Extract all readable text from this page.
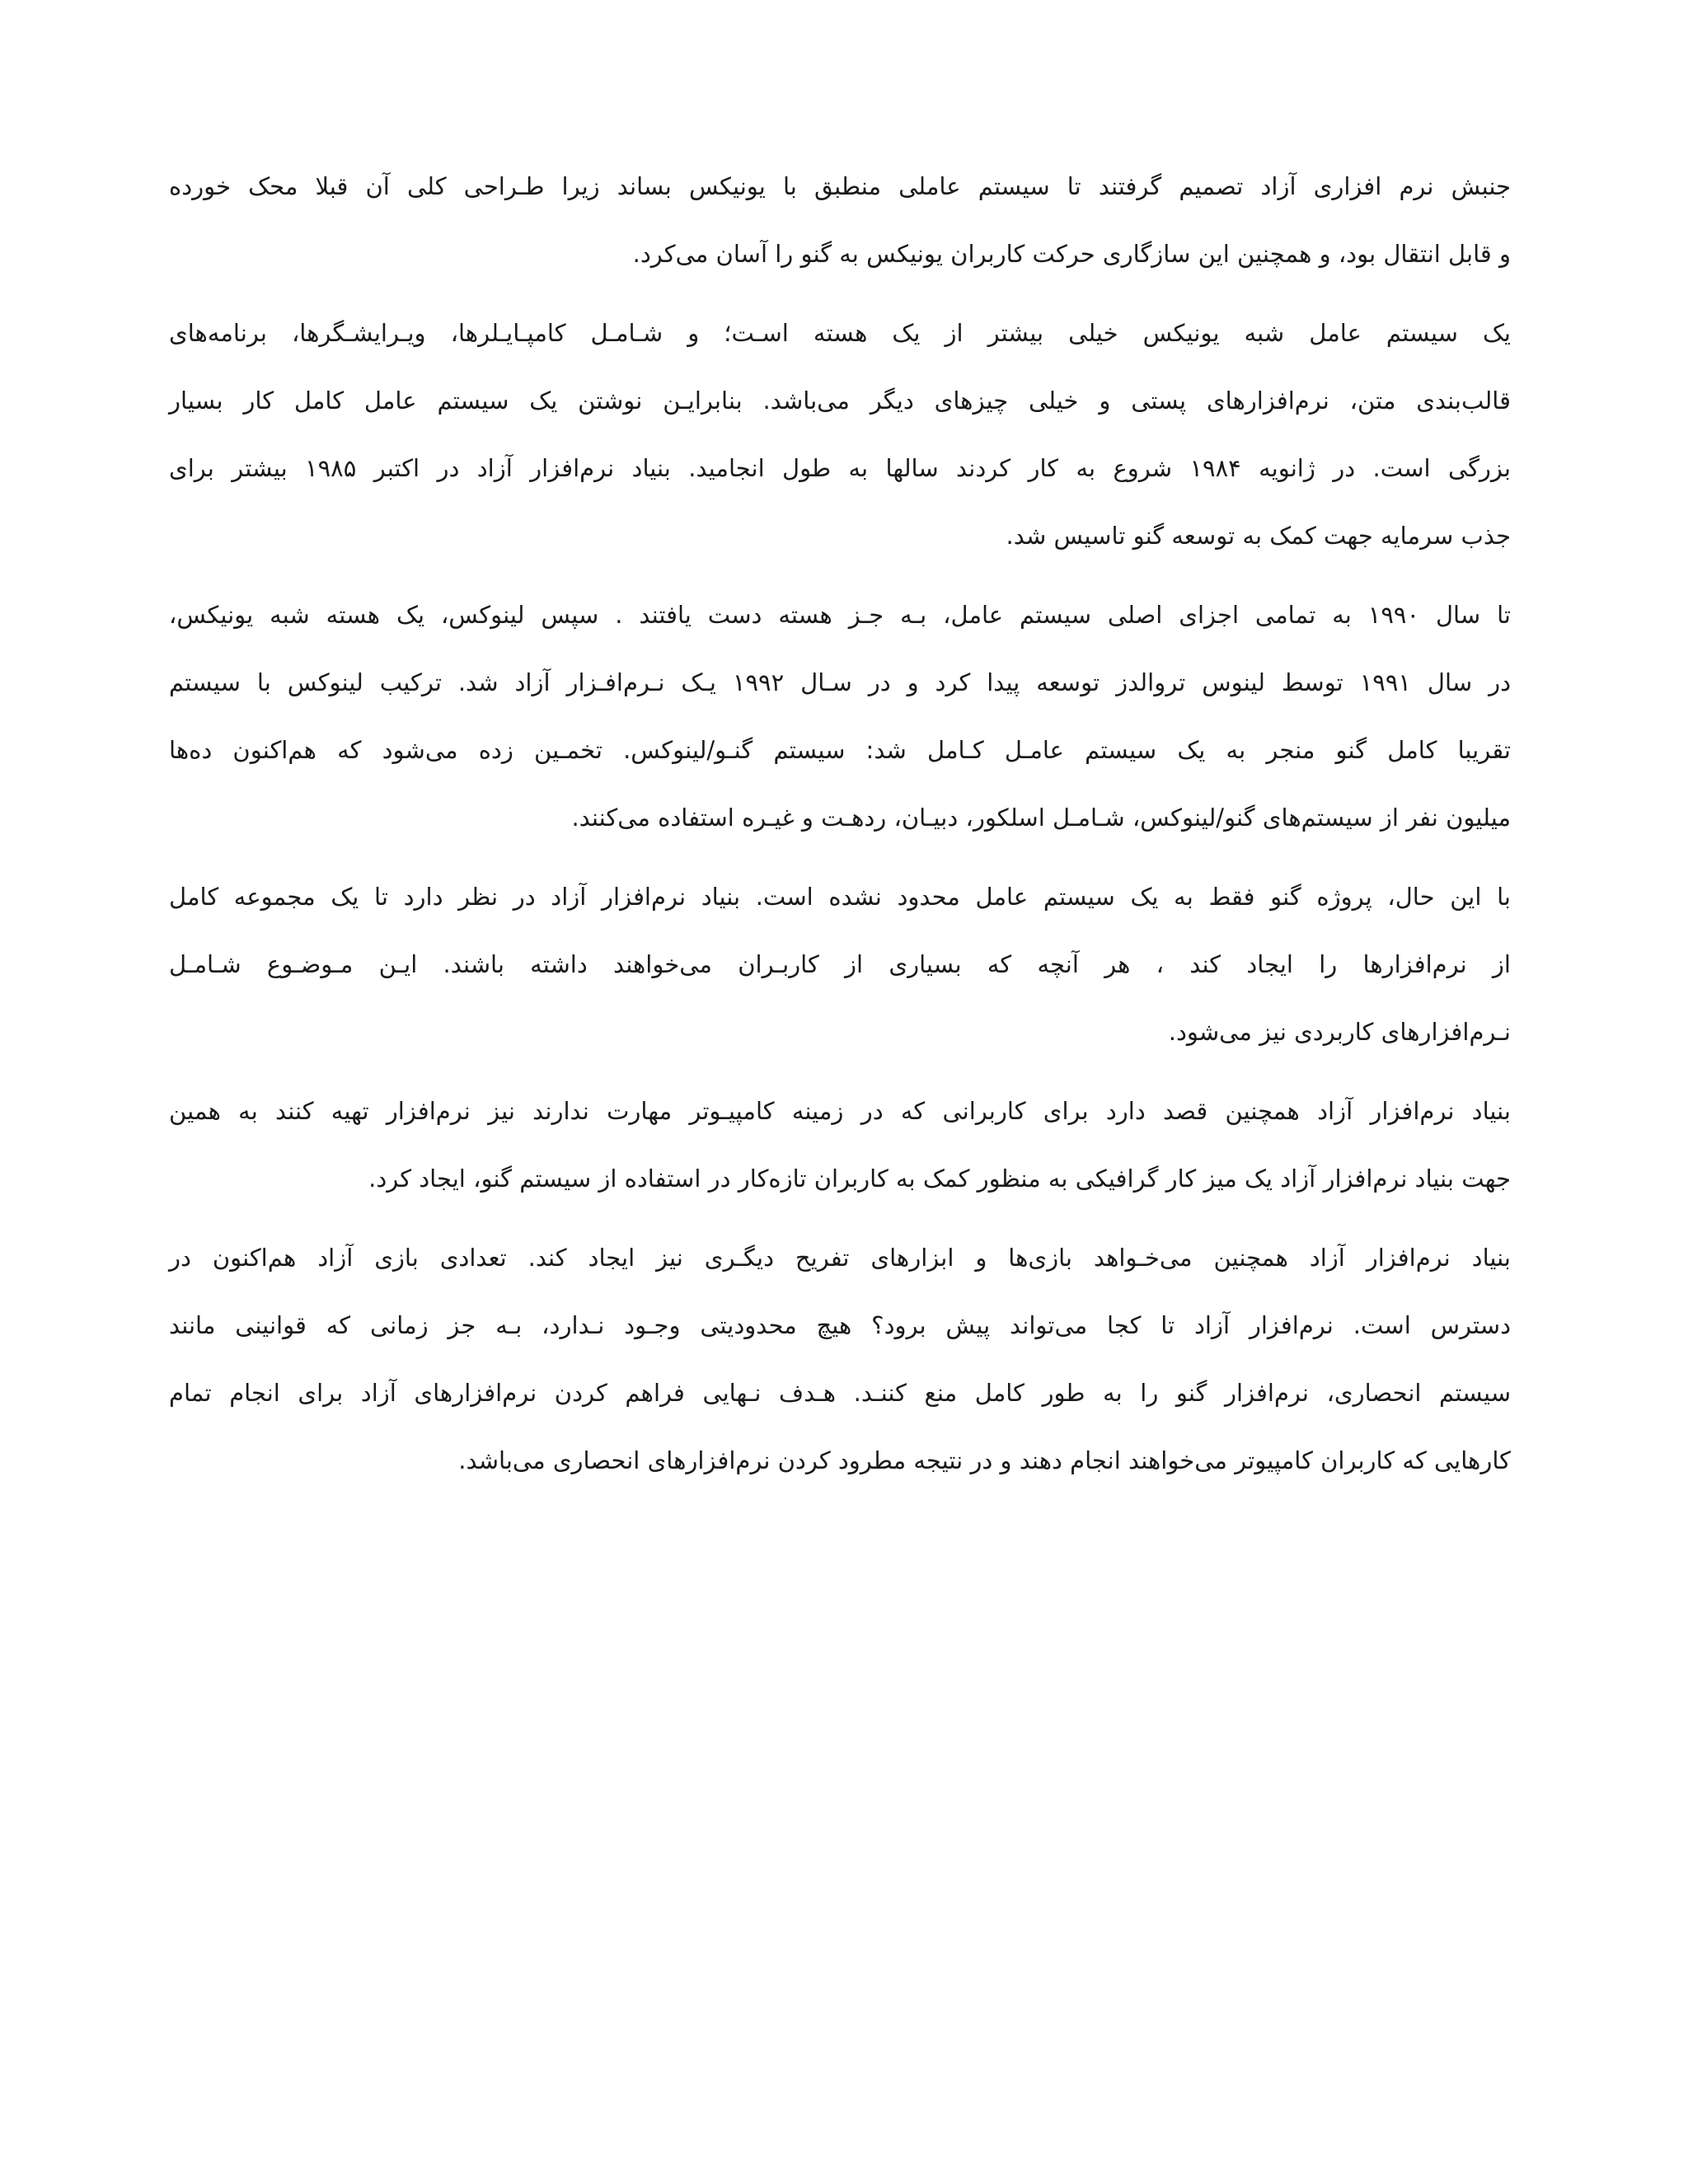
جنبش نرم افزاری آزاد تصمیم گرفتند تا سیستم عاملی منطبق با یونیکس بساند زیرا طـراحی کلی آن قبلا محک خورده
و قابل انتقال بود، و همچنین این سازگاری حرکت کاربران یونیکس به گنو را آسان می‌کرد.

یک سیستم عامل شبه یونیکس خیلی بیشتر از یک هسته اسـت؛ و شـامـل کامپـایـلرها، ویـرایشـگرها، برنامه‌های
قالب‌بندی متن، نرم‌افزارهای پستی و خیلی چیزهای دیگر می‌باشد. بنابرایـن نوشتن یک سیستم عامل کامل کار بسیار
بزرگی است. در ژانویه ۱۹۸۴ شروع به کار کردند سالها به طول انجامید. بنیاد نرم‌افزار آزاد در اکتبر ۱۹۸۵ بیشتر برای
جذب سرمایه جهت کمک به توسعه گنو تاسیس شد.

تا سال ۱۹۹۰ به تمامی اجزای اصلی سیستم عامل، بـه جـز هسته دست یافتند . سپس لینوکس، یک هسته شبه یونیکس،
در سال ۱۹۹۱ توسط لینوس تروالدز توسعه پیدا کرد و در سـال ۱۹۹۲ یـک نـرم‌افـزار آزاد شد. ترکیب لینوکس با سیستم
تقریبا کامل گنو منجر به یک سیستم عامـل کـامل شد: سیستم گنـو/لینوکس. تخمـین زده می‌شود که هم‌اکنون ده‌ها
میلیون نفر از سیستم‌های گنو/لینوکس، شـامـل اسلکور، دبیـان، ردهـت و غیـره استفاده می‌کنند.

با این حال، پروژه گنو فقط به یک سیستم عامل محدود نشده است. بنیاد نرم‌افزار آزاد در نظر دارد تا یک مجموعه کامل
از نرم‌افزارها را ایجاد کند ، هر آنچه که بسیاری از کاربـران می‌خواهند داشته باشند. ایـن مـوضـوع شـامـل
نـرم‌افزارهای کاربردی نیز می‌شود.

بنیاد نرم‌افزار آزاد همچنین قصد دارد برای کاربرانی که در زمینه کامپیـوتر مهارت ندارند نیز نرم‌افزار تهیه کنند به همین
جهت بنیاد نرم‌افزار آزاد یک میز کار گرافیکی به منظور کمک به کاربران تازه‌کار در استفاده از سیستم گنو، ایجاد کرد.

بنیاد نرم‌افزار آزاد همچنین می‌خـواهد بازی‌ها و ابزارهای تفریح دیگـری نیز ایجاد کند. تعدادی بازی آزاد هم‌اکنون در
دسترس است. نرم‌افزار آزاد تا کجا می‌تواند پیش برود؟ هیچ محدودیتی وجـود نـدارد، بـه جز زمانی که قوانینی مانند
سیستم انحصاری، نرم‌افزار گنو را به طور کامل منع کننـد. هـدف نـهایی فراهم کردن نرم‌افزارهای آزاد برای انجام تمام
کارهایی که کاربران کامپیوتر می‌خواهند انجام دهند و در نتیجه مطرود کردن نرم‌افزارهای انحصاری می‌باشد.
